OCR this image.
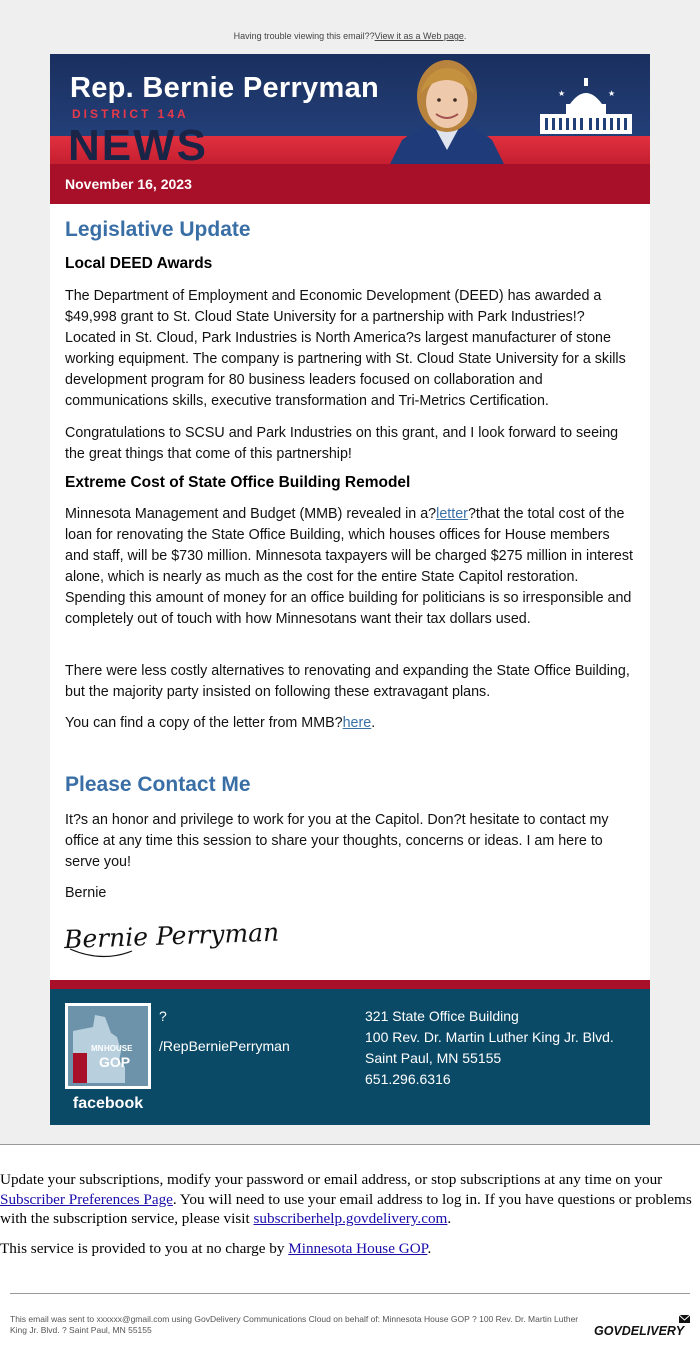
Having trouble viewing this email??View it as a Web page.
Rep. Bernie Perryman
DISTRICT 14A
NEWS
★	★
November 16, 2023
Legislative Update
Local DEED Awards
The Department of Employment and Economic Development (DEED) has awarded a $49,998 grant to St. Cloud State University for a partnership with Park Industries!? Located in St. Cloud, Park Industries is North America?s largest manufacturer of stone working equipment. The company is partnering with St. Cloud State University for a skills development program for 80 business leaders focused on collaboration and communications skills, executive transformation and Tri-Metrics Certification.
Congratulations to SCSU and Park Industries on this grant, and I look forward to seeing the great things that come of this partnership!
Extreme Cost of State Office Building Remodel
Minnesota Management and Budget (MMB) revealed in a?letter?that the total cost of the loan for renovating the State Office Building, which houses offices for House members and staff, will be $730 million. Minnesota taxpayers will be charged $275 million in interest alone, which is nearly as much as the cost for the entire State Capitol restoration. Spending this amount of money for an office building for politicians is so irresponsible and completely out of touch with how Minnesotans want their tax dollars used.
There were less costly alternatives to renovating and expanding the State Office Building, but the majority party insisted on following these extravagant plans.
You can find a copy of the letter from MMB?here.
Please Contact Me
It?s an honor and privilege to work for you at the Capitol. Don?t hesitate to contact my office at any time this session to share your thoughts, concerns or ideas. I am here to serve you!
Bernie
Bernie Perryman
MN HOUSE
GOP
facebook
?
/RepBerniePerryman
321 State Office Building
100 Rev. Dr. Martin Luther King Jr. Blvd.
Saint Paul, MN 55155
651.296.6316
Update your subscriptions, modify your password or email address, or stop subscriptions at any time on your Subscriber Preferences Page. You will need to use your email address to log in. If you have questions or problems with the subscription service, please visit subscriberhelp.govdelivery.com.
This service is provided to you at no charge by Minnesota House GOP.
This email was sent to xxxxxx@gmail.com using GovDelivery Communications Cloud on behalf of: Minnesota House GOP ? 100 Rev. Dr. Martin Luther King Jr. Blvd. ? Saint Paul, MN 55155	GOVDELIVERY
